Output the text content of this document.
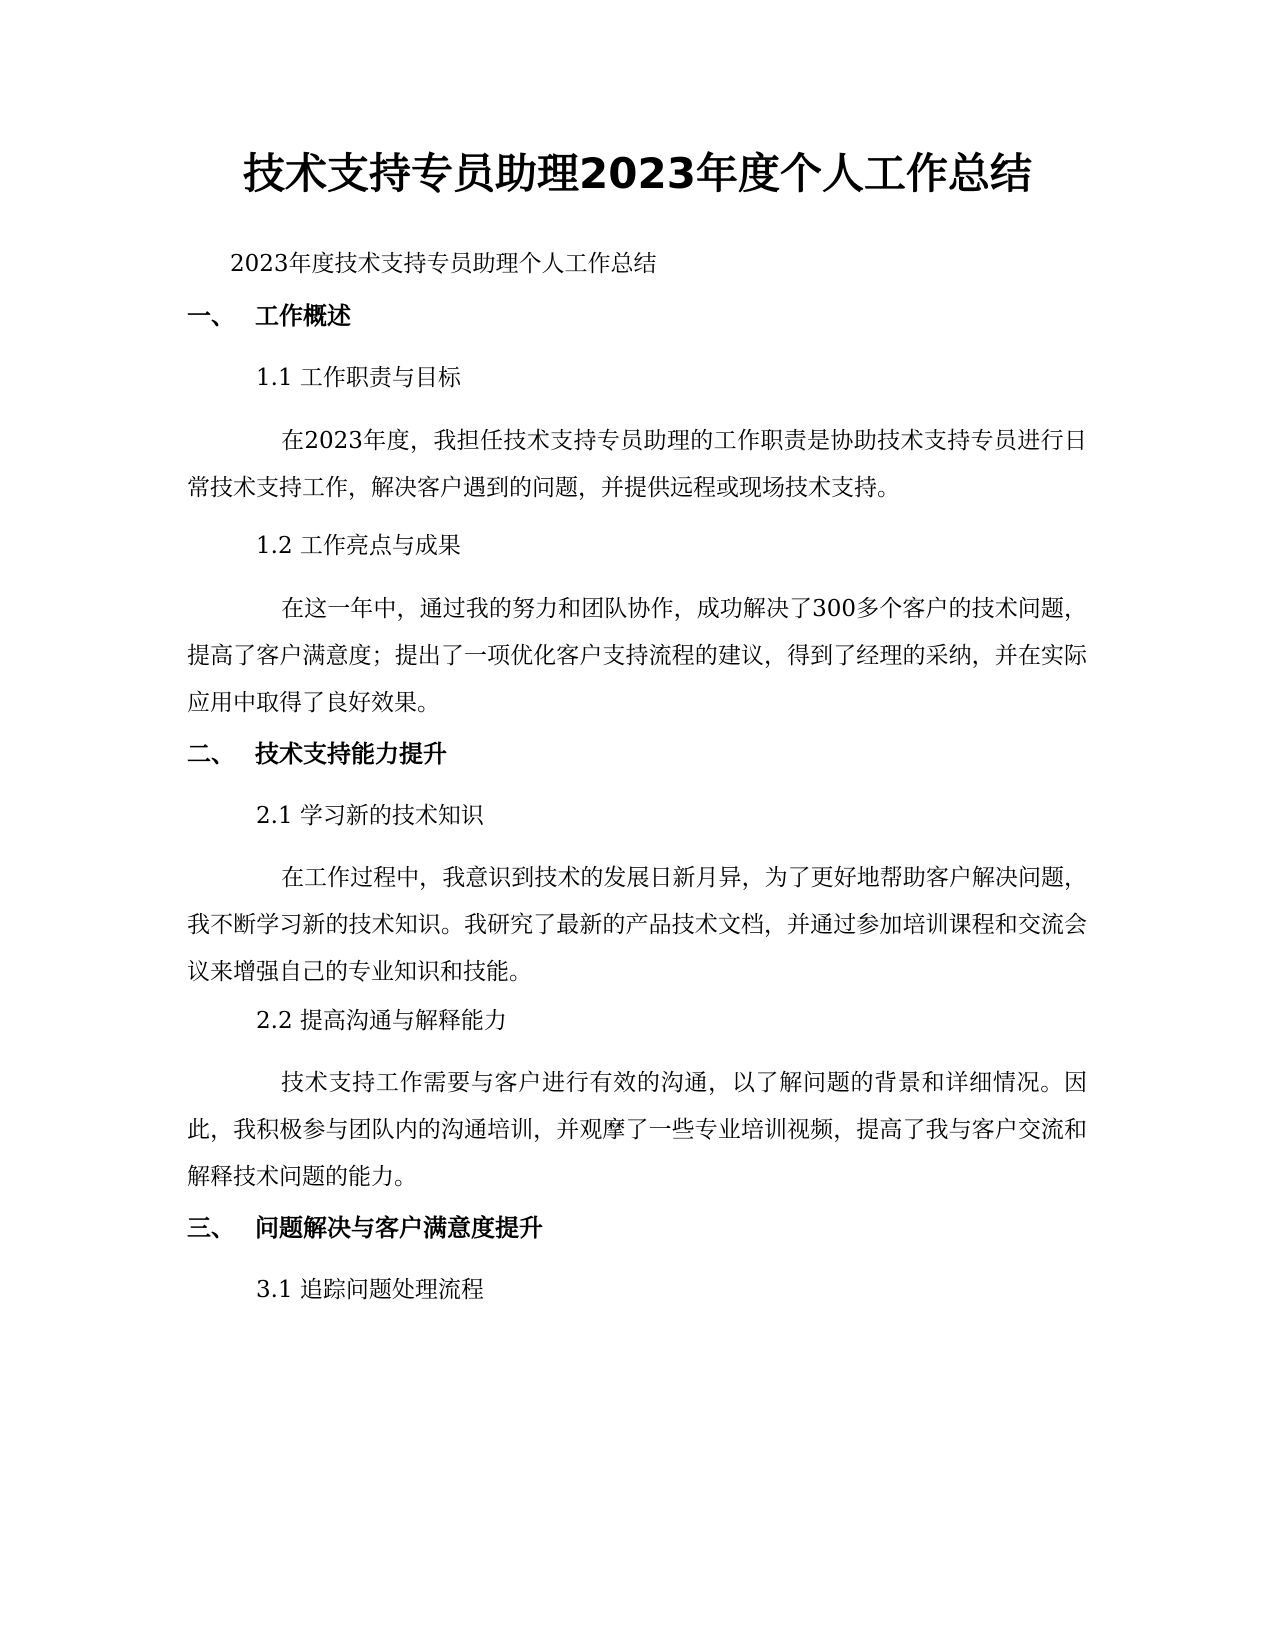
技术支持专员助理2023年度个人工作总结

2023年度技术支持专员助理个人工作总结

一、 工作概述

1.1 工作职责与目标

在2023年度，我担任技术支持专员助理的工作职责是协助技术支持专员进行日常技术支持工作，解决客户遇到的问题，并提供远程或现场技术支持。

1.2 工作亮点与成果

在这一年中，通过我的努力和团队协作，成功解决了300多个客户的技术问题，提高了客户满意度；提出了一项优化客户支持流程的建议，得到了经理的采纳，并在实际应用中取得了良好效果。

二、 技术支持能力提升

2.1 学习新的技术知识

在工作过程中，我意识到技术的发展日新月异，为了更好地帮助客户解决问题，我不断学习新的技术知识。我研究了最新的产品技术文档，并通过参加培训课程和交流会议来增强自己的专业知识和技能。

2.2 提高沟通与解释能力

技术支持工作需要与客户进行有效的沟通，以了解问题的背景和详细情况。因此，我积极参与团队内的沟通培训，并观摩了一些专业培训视频，提高了我与客户交流和解释技术问题的能力。

三、 问题解决与客户满意度提升

3.1 追踪问题处理流程
